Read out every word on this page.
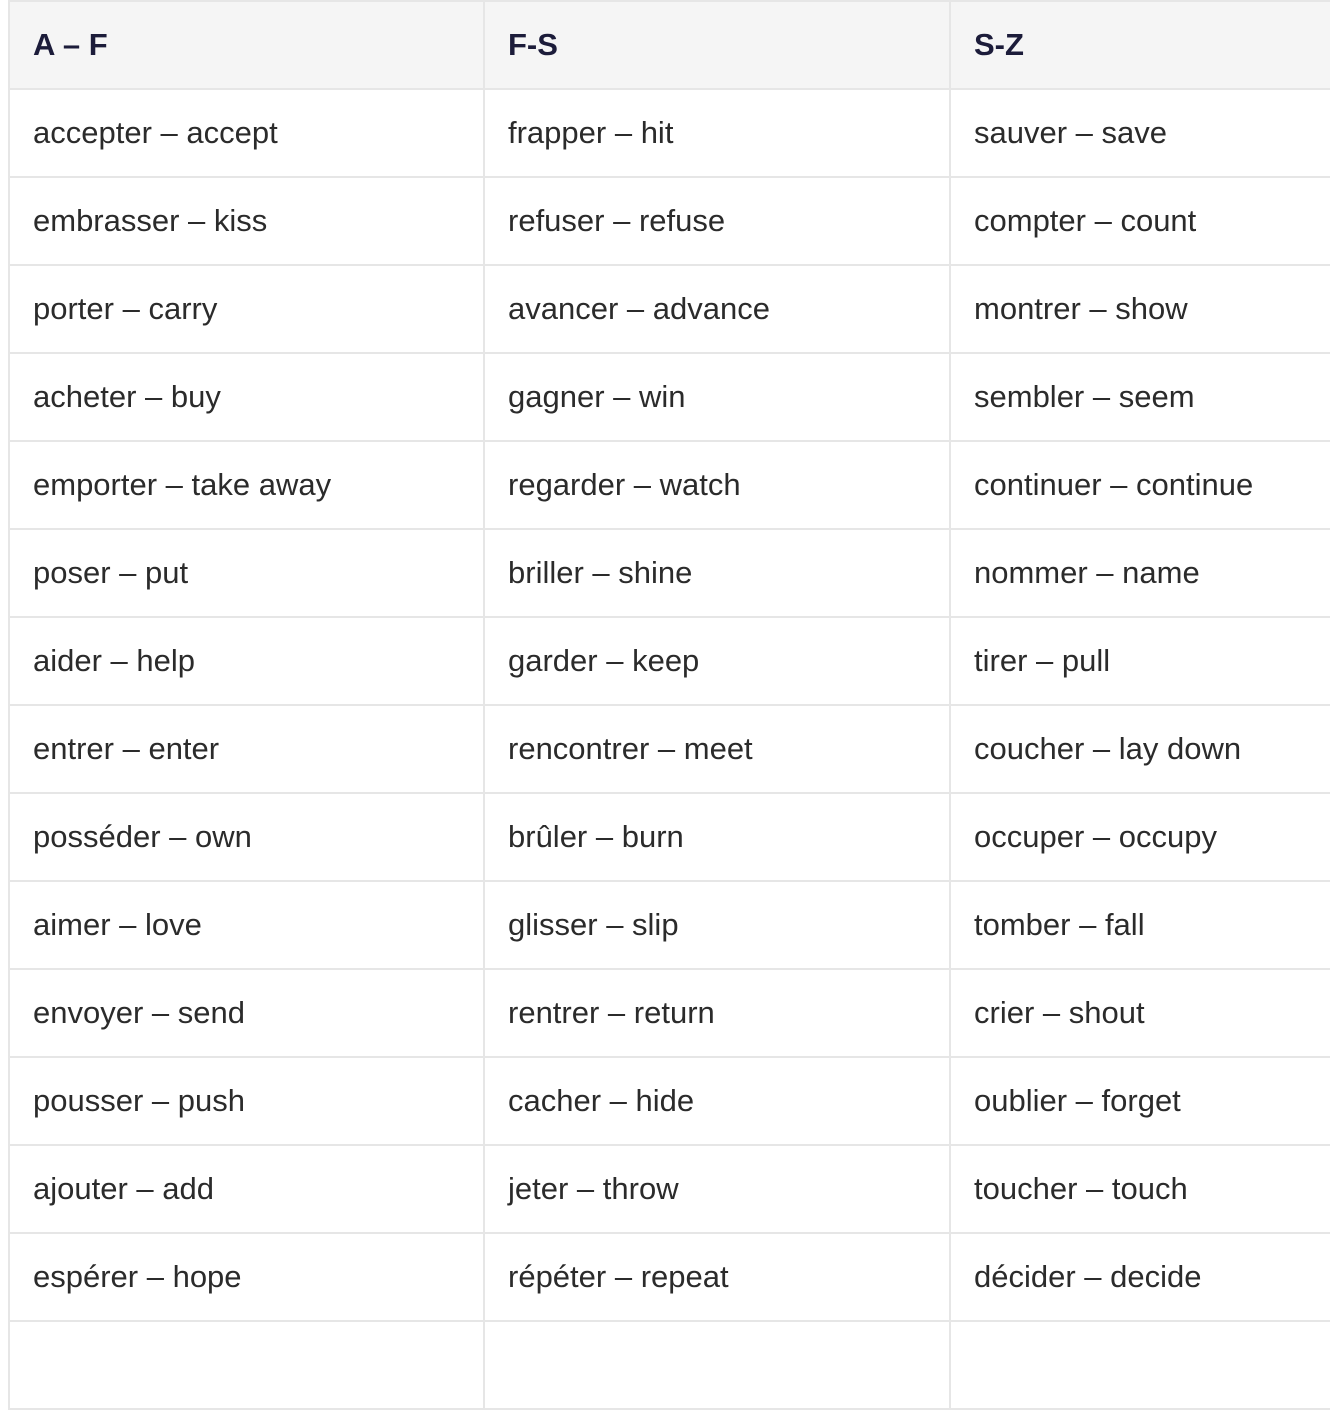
A – F	F-S	S-Z
accepter – accept	frapper – hit	sauver – save
embrasser – kiss	refuser – refuse	compter – count
porter – carry	avancer – advance	montrer – show
acheter – buy	gagner – win	sembler – seem
emporter – take away	regarder – watch	continuer – continue
poser – put	briller – shine	nommer – name
aider – help	garder – keep	tirer – pull
entrer – enter	rencontrer – meet	coucher – lay down
posséder – own	brûler – burn	occuper – occupy
aimer – love	glisser – slip	tomber – fall
envoyer – send	rentrer – return	crier – shout
pousser – push	cacher – hide	oublier – forget
ajouter – add	jeter – throw	toucher – touch
espérer – hope	répéter – repeat	décider – decide
